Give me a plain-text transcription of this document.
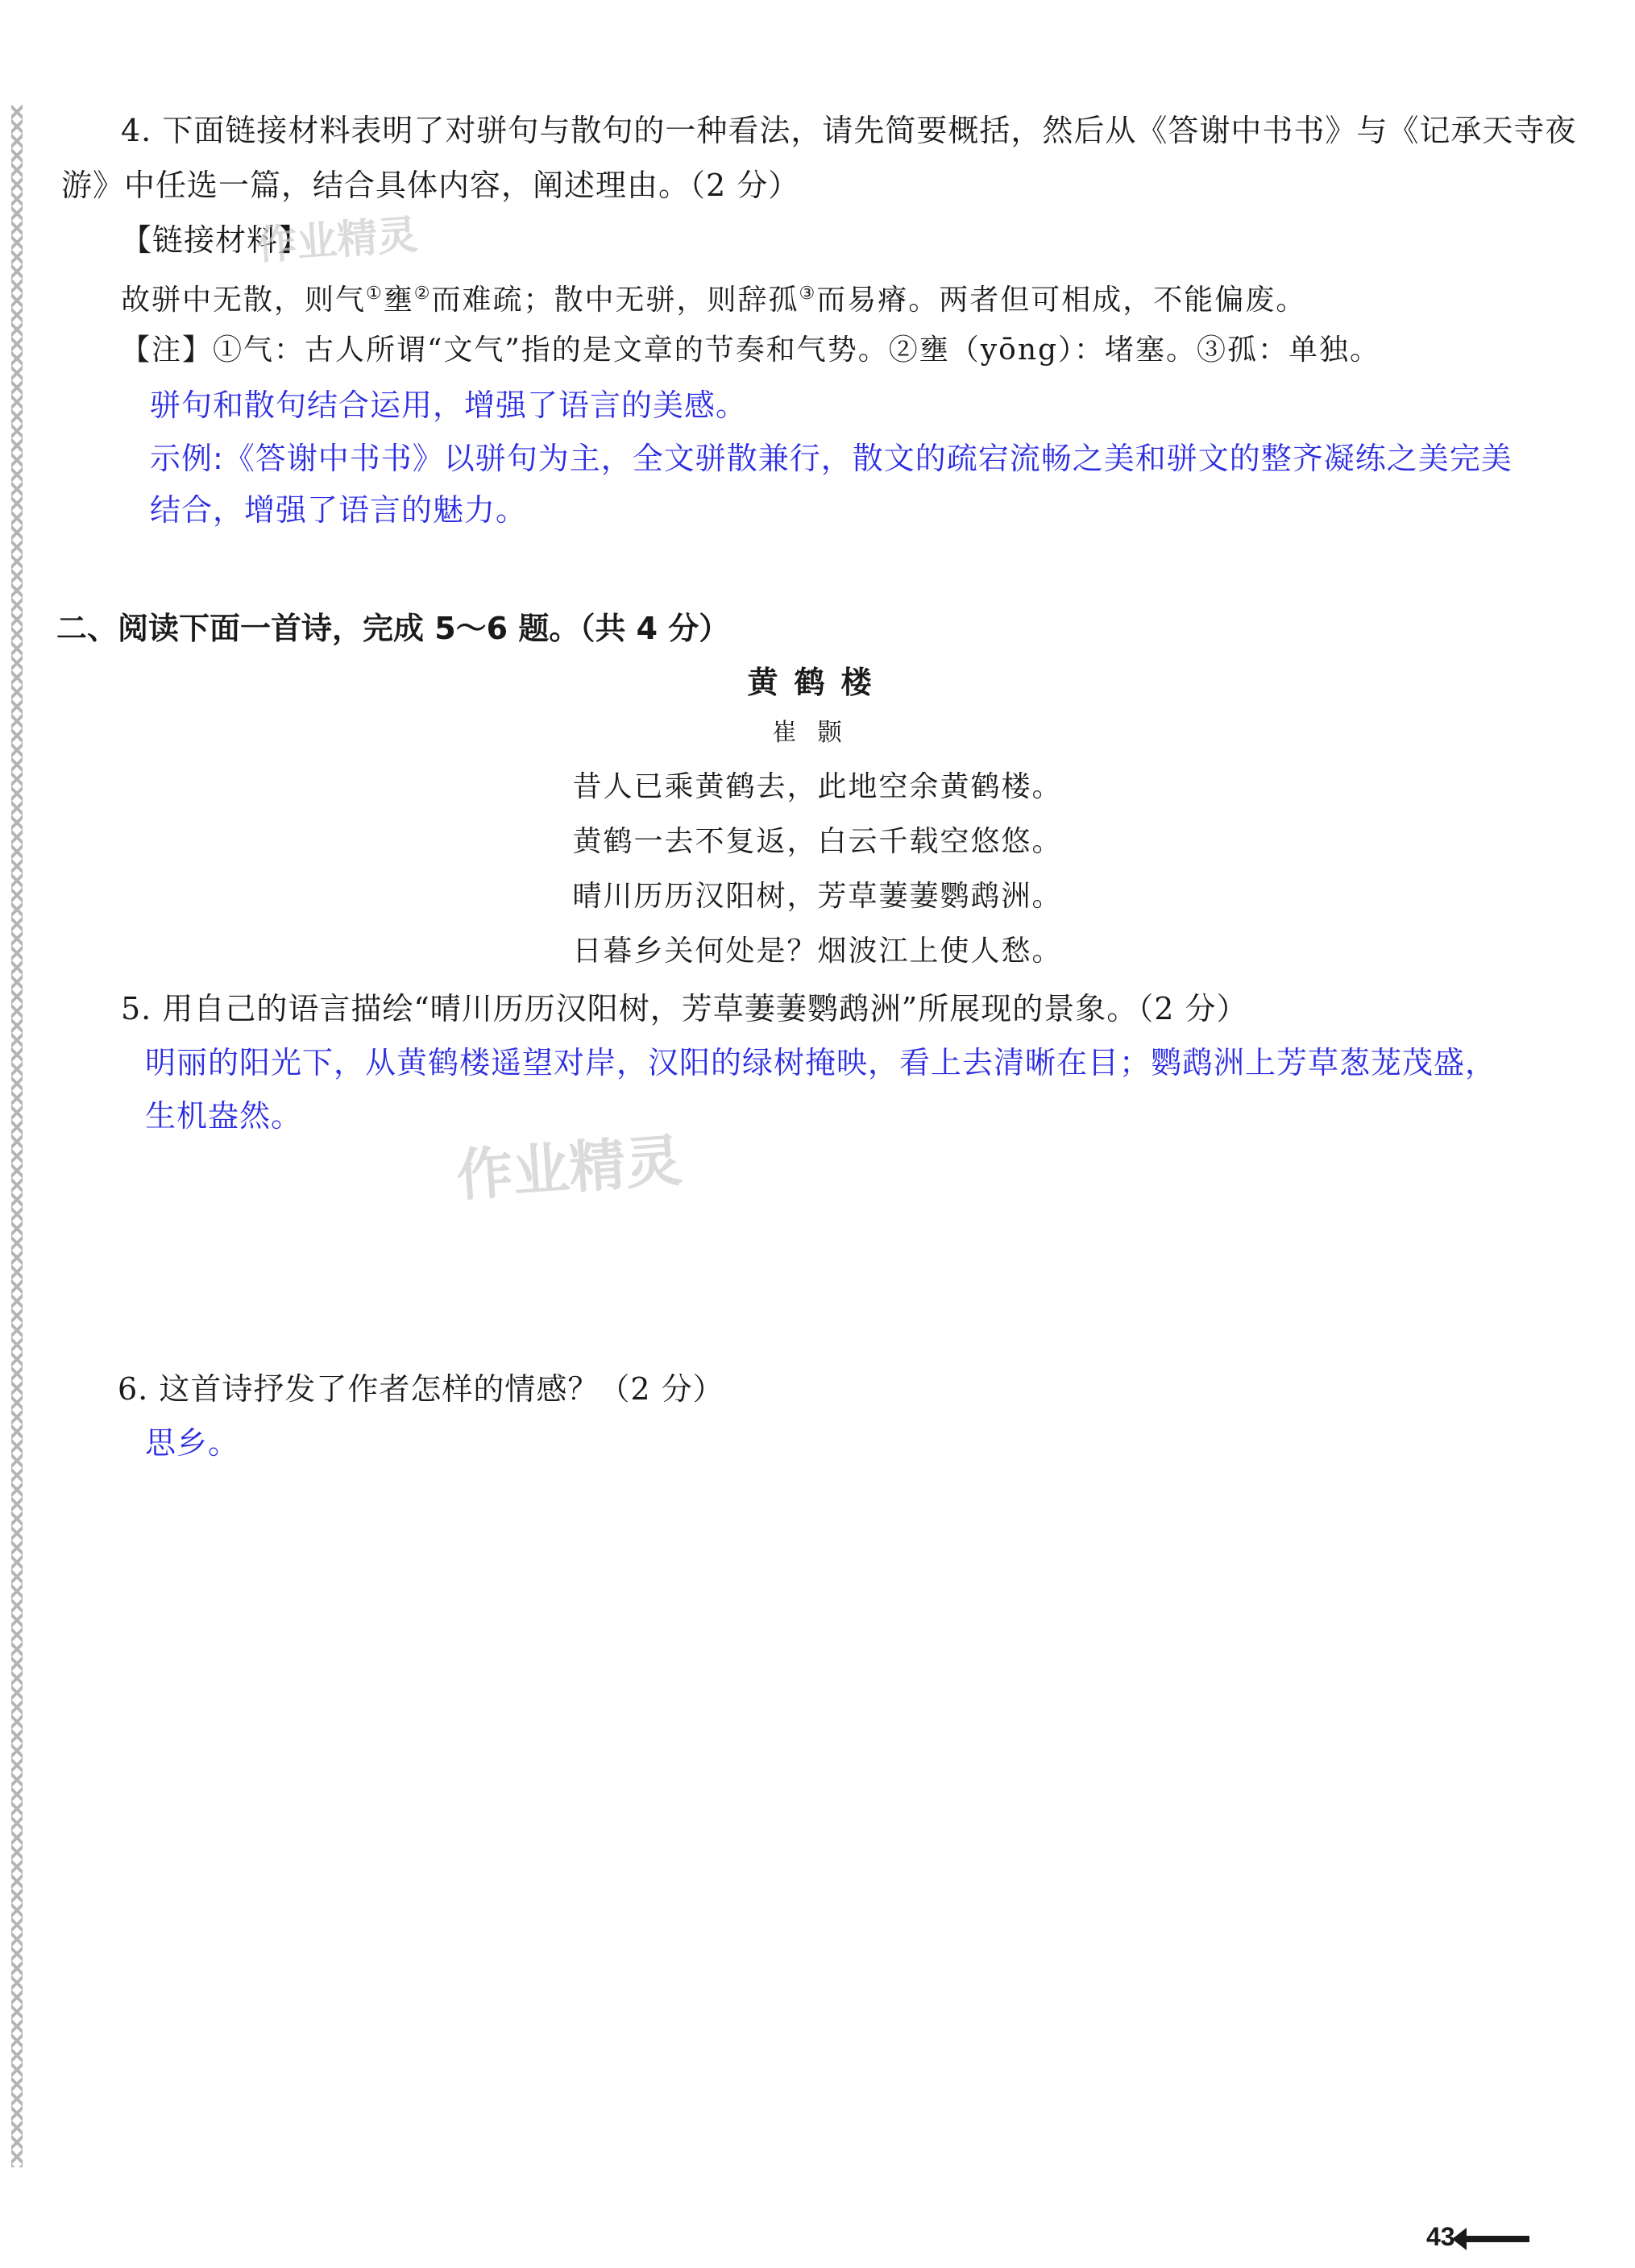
4. 下面链接材料表明了对骈句与散句的一种看法，请先简要概括，然后从《答谢中书书》与《记承天寺夜
游》中任选一篇，结合具体内容，阐述理由。（2 分）
【链接材料】
故骈中无散，则气①壅②而难疏；散中无骈，则辞孤③而易瘠。两者但可相成，不能偏废。
【注】①气：古人所谓“文气”指的是文章的节奏和气势。②壅（yōng）：堵塞。③孤：单独。
骈句和散句结合运用，增强了语言的美感。
示例:《答谢中书书》以骈句为主，全文骈散兼行，散文的疏宕流畅之美和骈文的整齐凝练之美完美
结合，增强了语言的魅力。
二、阅读下面一首诗，完成 5～6 题。（共 4 分）
黄鹤楼
崔颢
昔人已乘黄鹤去，此地空余黄鹤楼。
黄鹤一去不复返，白云千载空悠悠。
晴川历历汉阳树，芳草萋萋鹦鹉洲。
日暮乡关何处是？烟波江上使人愁。
5. 用自己的语言描绘“晴川历历汉阳树，芳草萋萋鹦鹉洲”所展现的景象。（2 分）
明丽的阳光下，从黄鹤楼遥望对岸，汉阳的绿树掩映，看上去清晰在目；鹦鹉洲上芳草葱茏茂盛，
生机盎然。
6. 这首诗抒发了作者怎样的情感？（2 分）
思乡。
作业精灵
作业精灵
43
